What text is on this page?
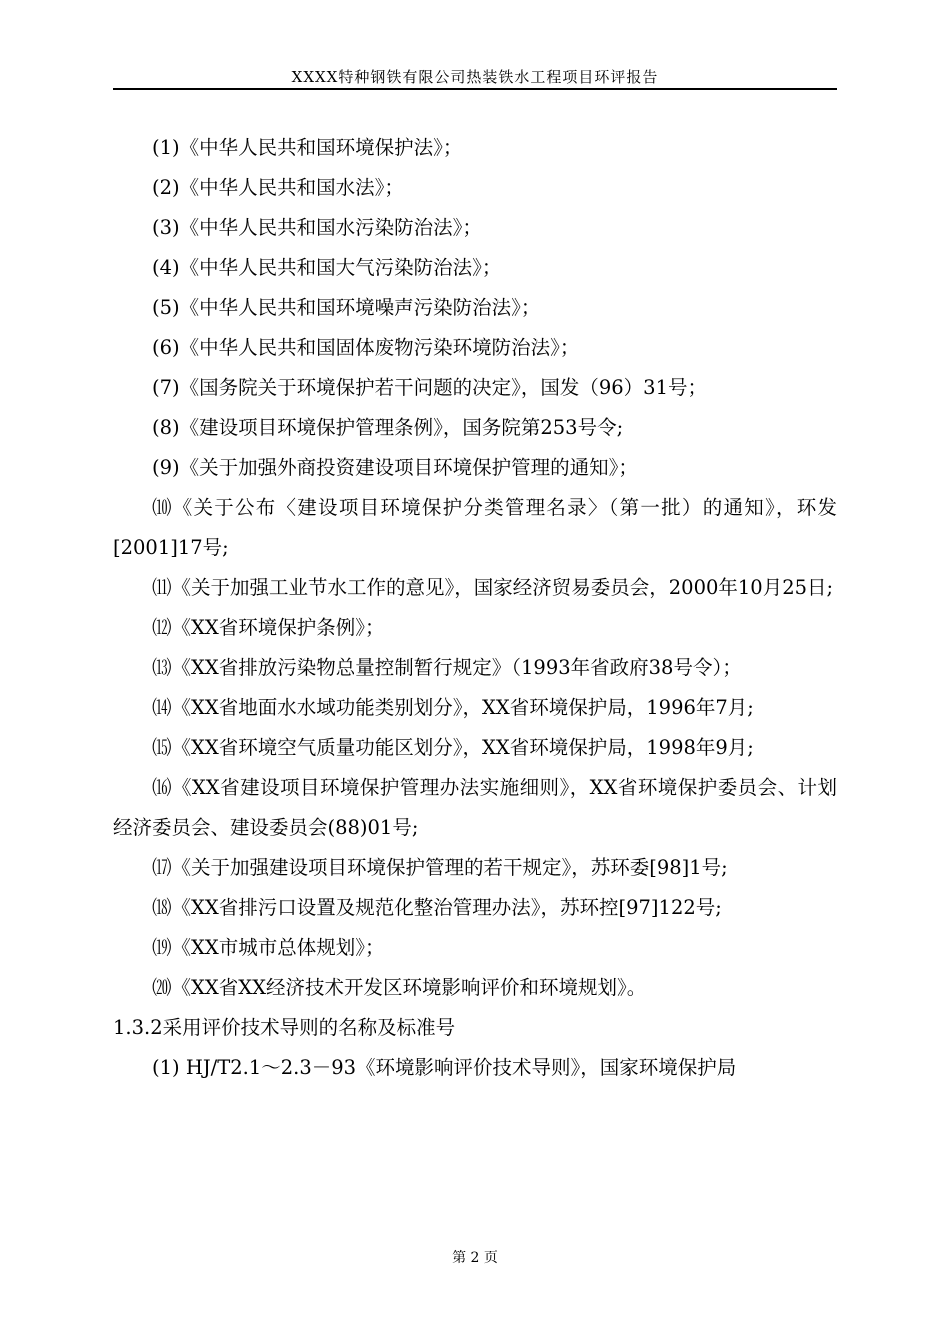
XXXX特种钢铁有限公司热装铁水工程项目环评报告

(1)《中华人民共和国环境保护法》；

(2)《中华人民共和国水法》；

(3)《中华人民共和国水污染防治法》；

(4)《中华人民共和国大气污染防治法》；

(5)《中华人民共和国环境噪声污染防治法》；

(6)《中华人民共和国固体废物污染环境防治法》；

(7)《国务院关于环境保护若干问题的决定》，国发（96）31号；

(8)《建设项目环境保护管理条例》，国务院第253号令;

(9)《关于加强外商投资建设项目环境保护管理的通知》；

⑽《关于公布〈建设项目环境保护分类管理名录〉（第一批）的通知》，环发[2001]17号;

⑾《关于加强工业节水工作的意见》，国家经济贸易委员会，2000年10月25日;

⑿《XX省环境保护条例》；

⒀《XX省排放污染物总量控制暂行规定》（1993年省政府38号令）；

⒁《XX省地面水水域功能类别划分》，XX省环境保护局，1996年7月;

⒂《XX省环境空气质量功能区划分》，XX省环境保护局，1998年9月;

⒃《XX省建设项目环境保护管理办法实施细则》，XX省环境保护委员会、计划经济委员会、建设委员会(88)01号;

⒄《关于加强建设项目环境保护管理的若干规定》，苏环委[98]1号;

⒅《XX省排污口设置及规范化整治管理办法》，苏环控[97]122号;

⒆《XX市城市总体规划》；

⒇《XX省XX经济技术开发区环境影响评价和环境规划》。

1.3.2采用评价技术导则的名称及标准号

(1) HJ/T2.1～2.3－93《环境影响评价技术导则》，国家环境保护局

第 2 页
